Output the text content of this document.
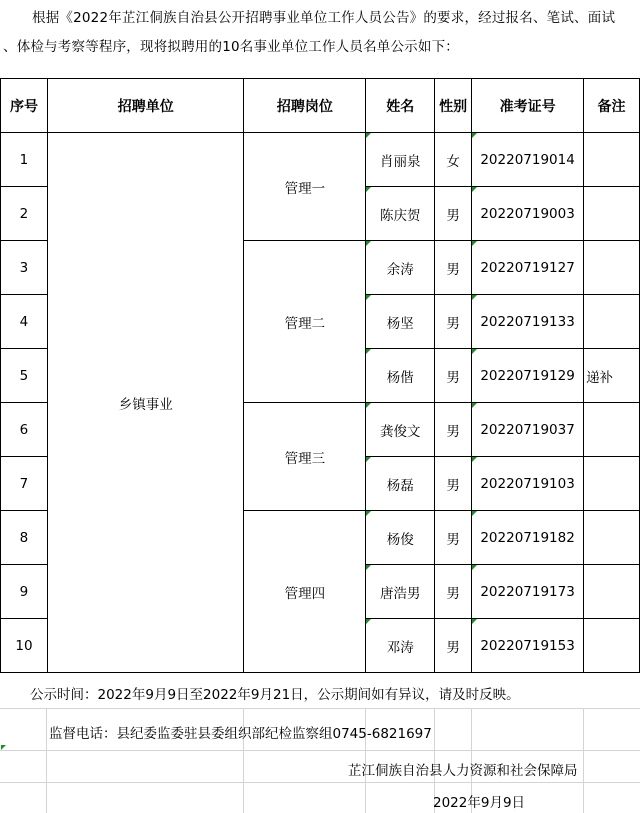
根据《2022年芷江侗族自治县公开招聘事业单位工作人员公告》的要求，经过报名、笔试、面试
、体检与考察等程序，现将拟聘用的10名事业单位工作人员名单公示如下：
序号	招聘单位	招聘岗位	姓名	性别	准考证号	备注
1	乡镇事业	管理一	肖丽泉	女	20220719014	
2			陈庆贺	男	20220719003	
3		管理二	余涛	男	20220719127	
4			杨坚	男	20220719133	
5			杨偕	男	20220719129	递补
6		管理三	龚俊文	男	20220719037	
7			杨磊	男	20220719103	
8		管理四	杨俊	男	20220719182	
9			唐浩男	男	20220719173	
10			邓涛	男	20220719153	
公示时间：2022年9月9日至2022年9月21日，公示期间如有异议，请及时反映。
监督电话：县纪委监委驻县委组织部纪检监察组0745-6821697
芷江侗族自治县人力资源和社会保障局
2022年9月9日
